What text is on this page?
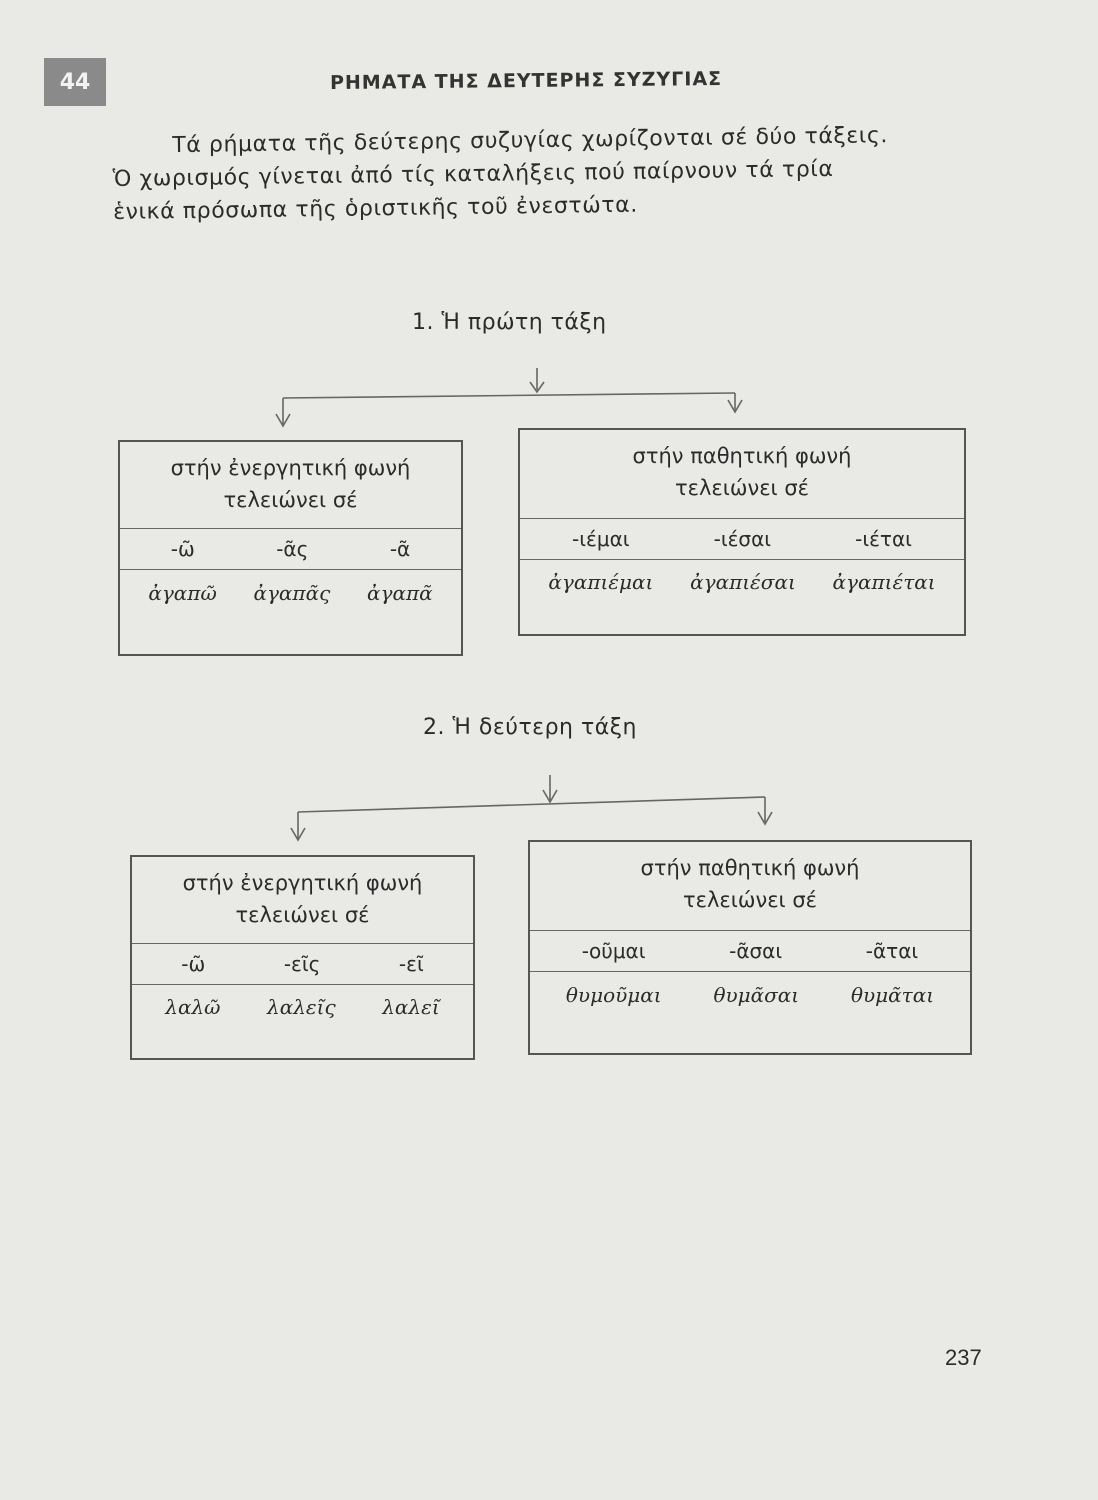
44	ΡΗΜΑΤΑ ΤΗΣ ΔΕΥΤΕΡΗΣ ΣΥΖΥΓΙΑΣ

Τά ρήματα τῆς δεύτερης συζυγίας χωρίζονται σέ δύο τάξεις.

Ὁ χωρισμός γίνεται ἀπό τίς καταλήξεις πού παίρνουν τά τρία

ἑνικά πρόσωπα τῆς ὁριστικῆς τοῦ ἐνεστώτα.

1. Ἡ πρώτη τάξη
στήν ἐνεργητική φωνή
τελειώνει σέ
-ῶ	-ᾶς	-ᾶ
ἀγαπῶ ἀγαπᾶς ἀγαπᾶ
στήν παθητική φωνή
τελειώνει σέ
-ιέμαι	-ιέσαι	-ιέται
ἀγαπιέμαι ἀγαπιέσαι ἀγαπιέται
2. Ἡ δεύτερη τάξη
στήν ἐνεργητική φωνή
τελειώνει σέ
-ῶ	-εῖς	-εῖ
λαλῶ λαλεῖς λαλεῖ
στήν παθητική φωνή
τελειώνει σέ
-οῦμαι	-ᾶσαι	-ᾶται
θυμοῦμαι	θυμᾶσαι	θυμᾶται
237
